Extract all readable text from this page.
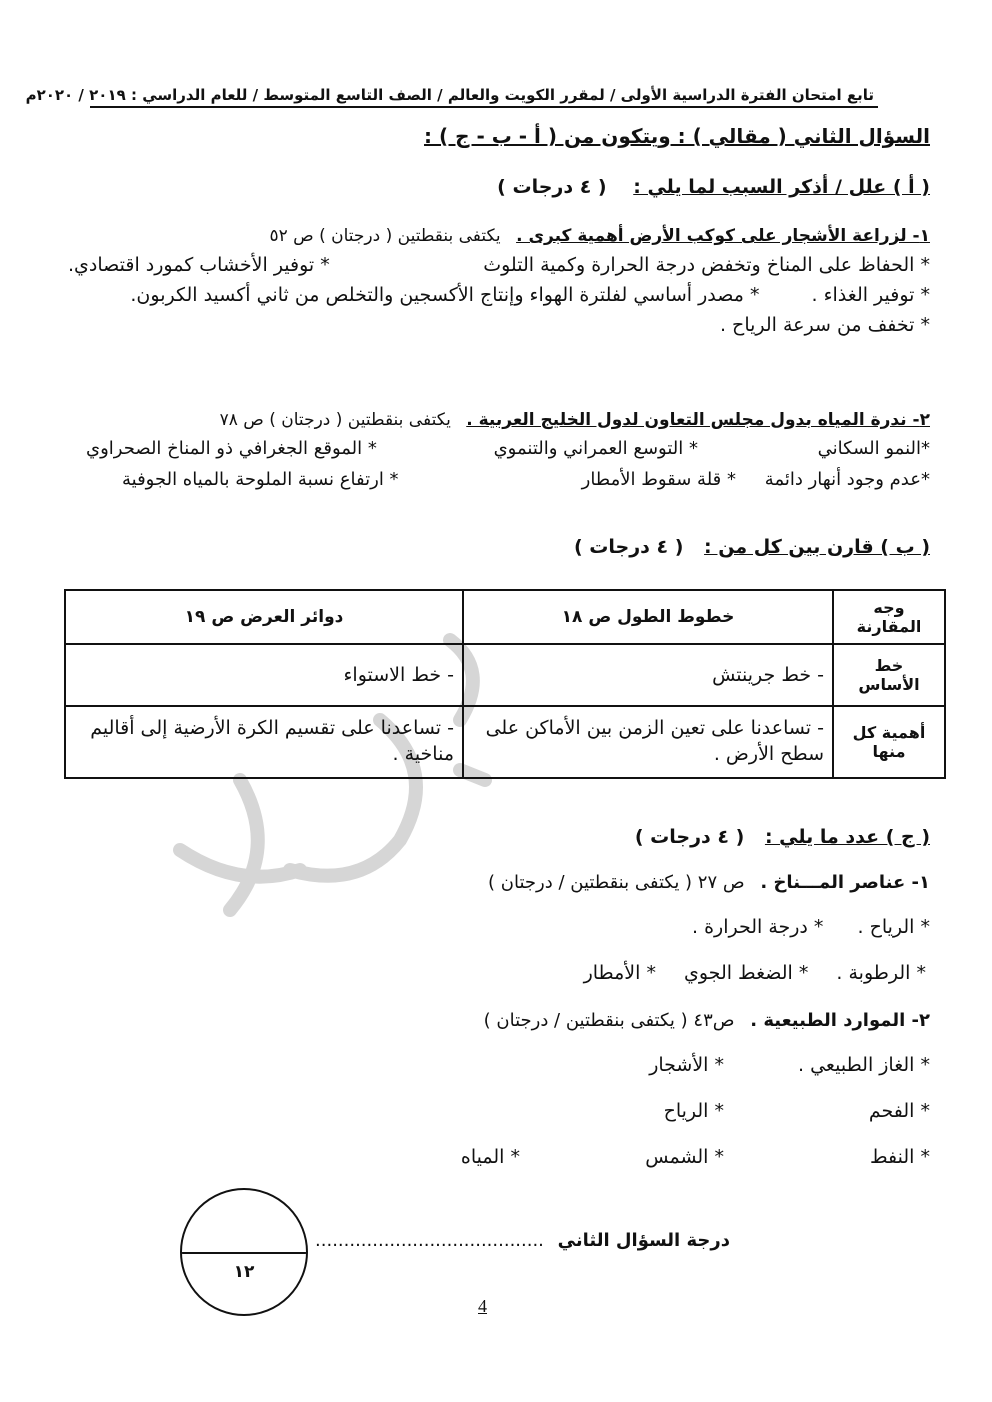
تابع امتحان الفترة الدراسية الأولى / لمقرر الكويت والعالم / الصف التاسع المتوسط / للعام الدراسي : ٢٠١٩ / ٢٠٢٠م
السؤال الثاني ( مقالي ) : ويتكون من ( أ - ب - ج ) :
( أ ) علل / أذكر السبب لما يلي : ( ٤ درجات )
١- لزراعة الأشجار على كوكب الأرض أهمية كبرى . يكتفى بنقطتين ( درجتان ) ص ٥٢
* الحفاظ على المناخ وتخفض درجة الحرارة وكمية التلوث
* توفير الأخشاب كمورد اقتصادي.
* توفير الغذاء . * مصدر أساسي لفلترة الهواء وإنتاج الأكسجين والتخلص من ثاني أكسيد الكربون.
* تخفف من سرعة الرياح .
٢- ندرة المياه بدول مجلس التعاون لدول الخليج العربية . يكتفى بنقطتين ( درجتان ) ص ٧٨
*النمو السكاني
* التوسع العمراني والتنموي
* الموقع الجغرافي ذو المناخ الصحراوي
*عدم وجود أنهار دائمة
* قلة سقوط الأمطار
* ارتفاع نسبة الملوحة بالمياه الجوفية
( ب ) قارن بين كل من : ( ٤ درجات )
وجه المقارنة	خطوط الطول ص ١٨	دوائر العرض ص ١٩
خط الأساس	- خط جرينتش	- خط الاستواء
أهمية كل منها	- تساعدنا على تعين الزمن بين الأماكن على سطح الأرض .	- تساعدنا على تقسيم الكرة الأرضية إلى أقاليم مناخية .
( ج ) عدد ما يلي : ( ٤ درجات )
١- عناصر المـــناخ . ص ٢٧ ( يكتفى بنقطتين / درجتان )
* الرياح . * درجة الحرارة .
* الرطوبة . * الضغط الجوي * الأمطار
٢- الموارد الطبيعية . ص٤٣ ( يكتفى بنقطتين / درجتان )
* الغاز الطبيعي .
* الأشجار
* الفحم
* الرياح
* النفط
* الشمس
* المياه
درجة السؤال الثاني ........................................
١٢
4
